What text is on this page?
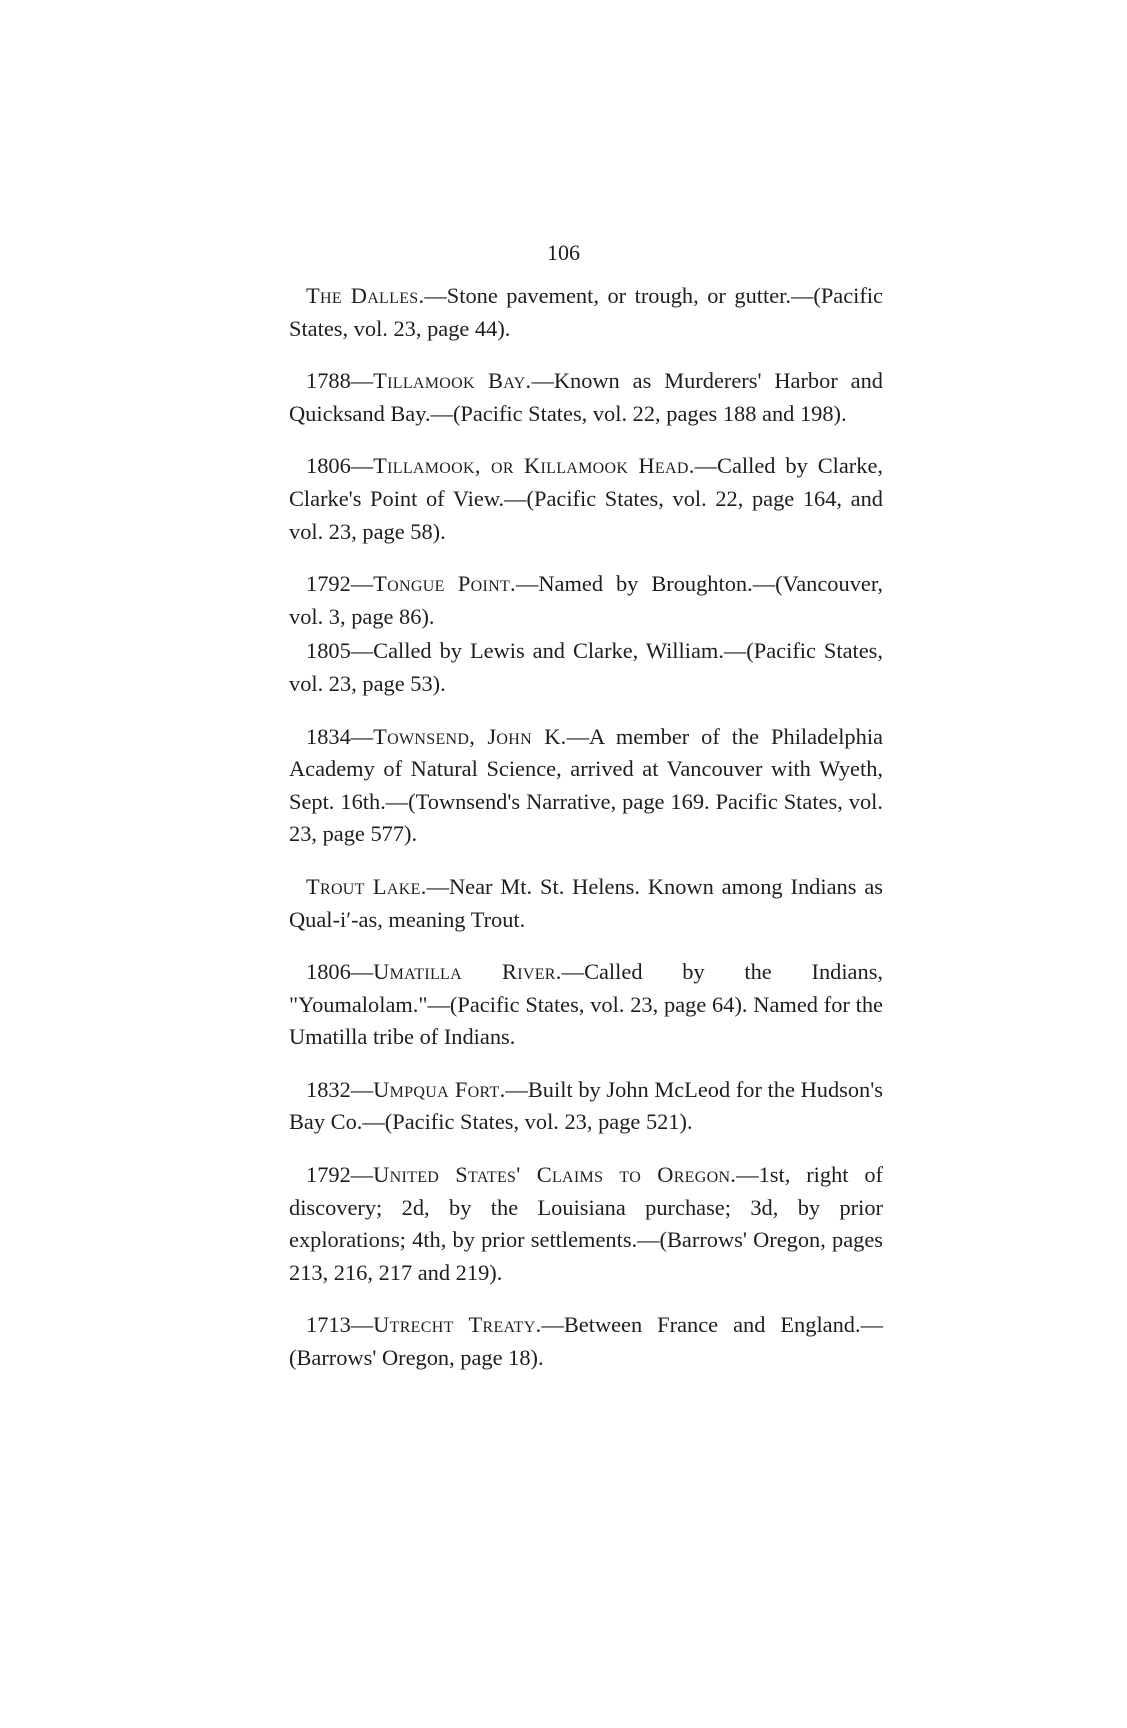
106

The Dalles.—Stone pavement, or trough, or gutter.—(Pacific States, vol. 23, page 44).

1788—Tillamook Bay.—Known as Murderers' Harbor and Quicksand Bay.—(Pacific States, vol. 22, pages 188 and 198).

1806—Tillamook, or Killamook Head.—Called by Clarke, Clarke's Point of View.—(Pacific States, vol. 22, page 164, and vol. 23, page 58).

1792—Tongue Point.—Named by Broughton.—(Vancouver, vol. 3, page 86).

1805—Called by Lewis and Clarke, William.—(Pacific States, vol. 23, page 53).

1834—Townsend, John K.—A member of the Philadelphia Academy of Natural Science, arrived at Vancouver with Wyeth, Sept. 16th.—(Townsend's Narrative, page 169. Pacific States, vol. 23, page 577).

Trout Lake.—Near Mt. St. Helens. Known among Indians as Qual-i′-as, meaning Trout.

1806—Umatilla River.—Called by the Indians, "Youmalolam."—(Pacific States, vol. 23, page 64). Named for the Umatilla tribe of Indians.

1832—Umpqua Fort.—Built by John McLeod for the Hudson's Bay Co.—(Pacific States, vol. 23, page 521).

1792—United States' Claims to Oregon.—1st, right of discovery; 2d, by the Louisiana purchase; 3d, by prior explorations; 4th, by prior settlements.—(Barrows' Oregon, pages 213, 216, 217 and 219).

1713—Utrecht Treaty.—Between France and England.—(Barrows' Oregon, page 18).
